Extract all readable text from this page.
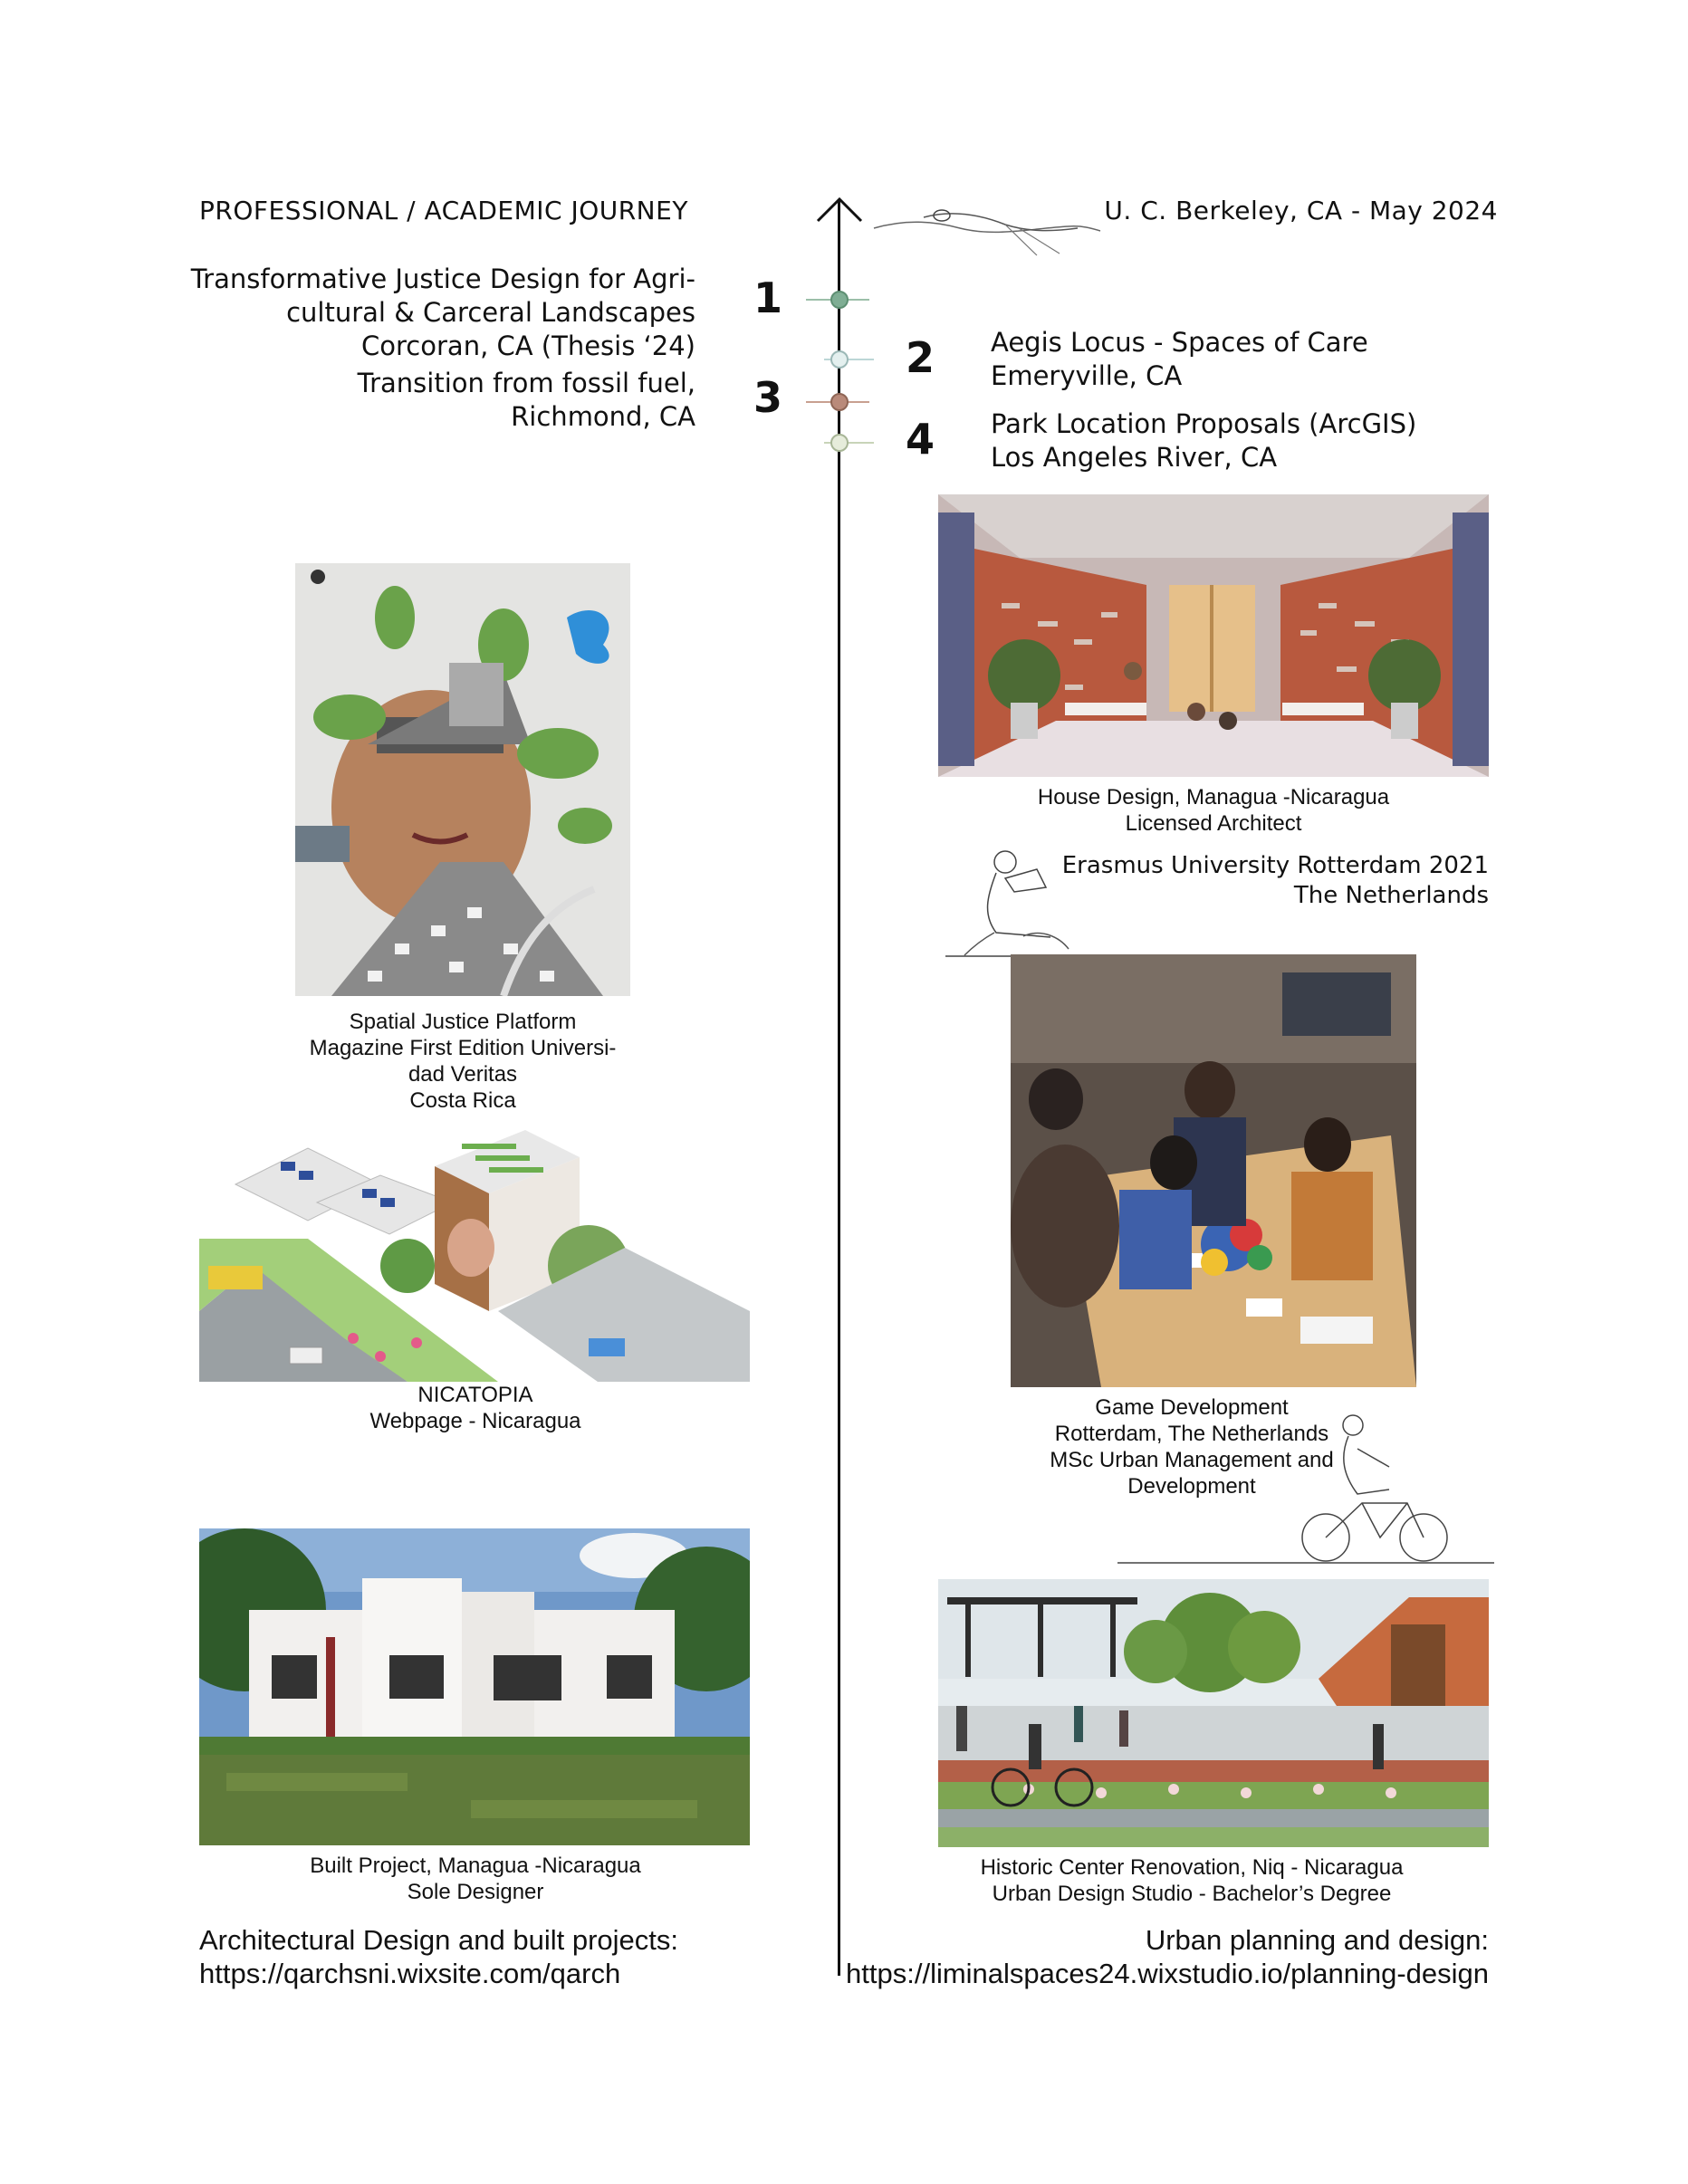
PROFESSIONAL / ACADEMIC JOURNEY	U. C. Berkeley, CA - May 2024
Transformative Justice Design for Agri-
cultural & Carceral Landscapes
Corcoran, CA (Thesis ‘24)
Transition from fossil fuel,
Richmond, CA
1
3
2
4
Aegis Locus - Spaces of Care
Emeryville, CA
Park Location Proposals (ArcGIS)
Los Angeles River, CA
House Design, Managua -Nicaragua
Licensed Architect
Erasmus University Rotterdam 2021
The Netherlands
Game Development
Rotterdam, The Netherlands
MSc Urban Management and
Development
Historic Center Renovation, Niq - Nicaragua
Urban Design Studio - Bachelor’s Degree
Spatial Justice Platform
Magazine First Edition Universi-
dad Veritas
Costa Rica
NICATOPIA
Webpage - Nicaragua
Built Project, Managua -Nicaragua
Sole Designer
Architectural Design and built projects:
https://qarchsni.wixsite.com/qarch
Urban planning and design:
https://liminalspaces24.wixstudio.io/planning-design
